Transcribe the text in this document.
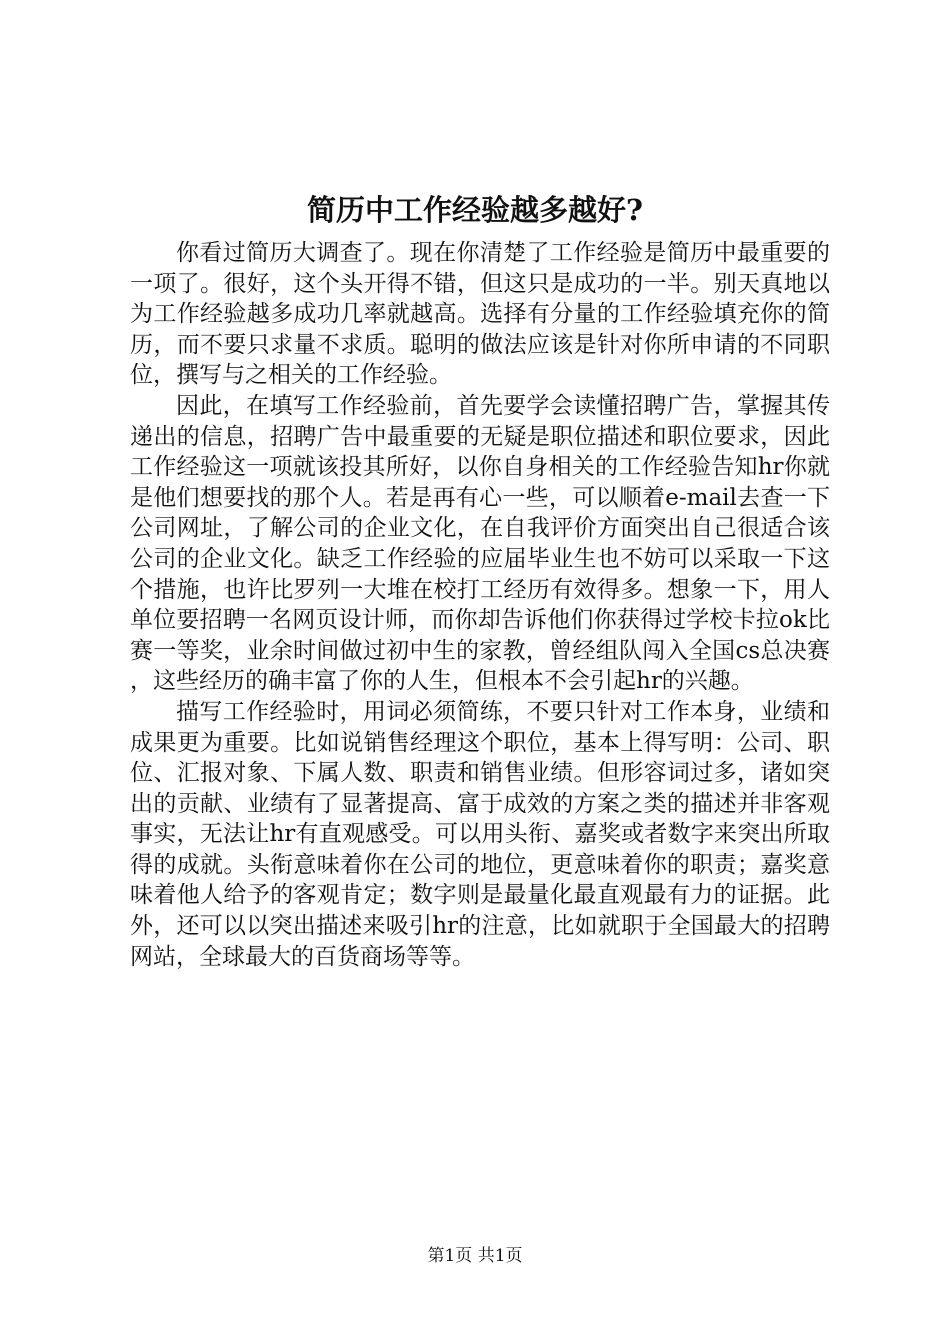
简历中工作经验越多越好?

你看过简历大调查了。现在你清楚了工作经验是简历中最重要的一项了。很好，这个头开得不错，但这只是成功的一半。别天真地以为工作经验越多成功几率就越高。选择有分量的工作经验填充你的简历，而不要只求量不求质。聪明的做法应该是针对你所申请的不同职位，撰写与之相关的工作经验。

因此，在填写工作经验前，首先要学会读懂招聘广告，掌握其传递出的信息，招聘广告中最重要的无疑是职位描述和职位要求，因此工作经验这一项就该投其所好，以你自身相关的工作经验告知hr你就是他们想要找的那个人。若是再有心一些，可以顺着e-mail去查一下公司网址，了解公司的企业文化，在自我评价方面突出自己很适合该公司的企业文化。缺乏工作经验的应届毕业生也不妨可以采取一下这个措施，也许比罗列一大堆在校打工经历有效得多。想象一下，用人单位要招聘一名网页设计师，而你却告诉他们你获得过学校卡拉ok比赛一等奖，业余时间做过初中生的家教，曾经组队闯入全国cs总决赛，这些经历的确丰富了你的人生，但根本不会引起hr的兴趣。

描写工作经验时，用词必须简练，不要只针对工作本身，业绩和成果更为重要。比如说销售经理这个职位，基本上得写明：公司、职位、汇报对象、下属人数、职责和销售业绩。但形容词过多，诸如突出的贡献、业绩有了显著提高、富于成效的方案之类的描述并非客观事实，无法让hr有直观感受。可以用头衔、嘉奖或者数字来突出所取得的成就。头衔意味着你在公司的地位，更意味着你的职责；嘉奖意味着他人给予的客观肯定；数字则是最量化最直观最有力的证据。此外，还可以以突出描述来吸引hr的注意，比如就职于全国最大的招聘网站，全球最大的百货商场等等。

第1页 共1页
